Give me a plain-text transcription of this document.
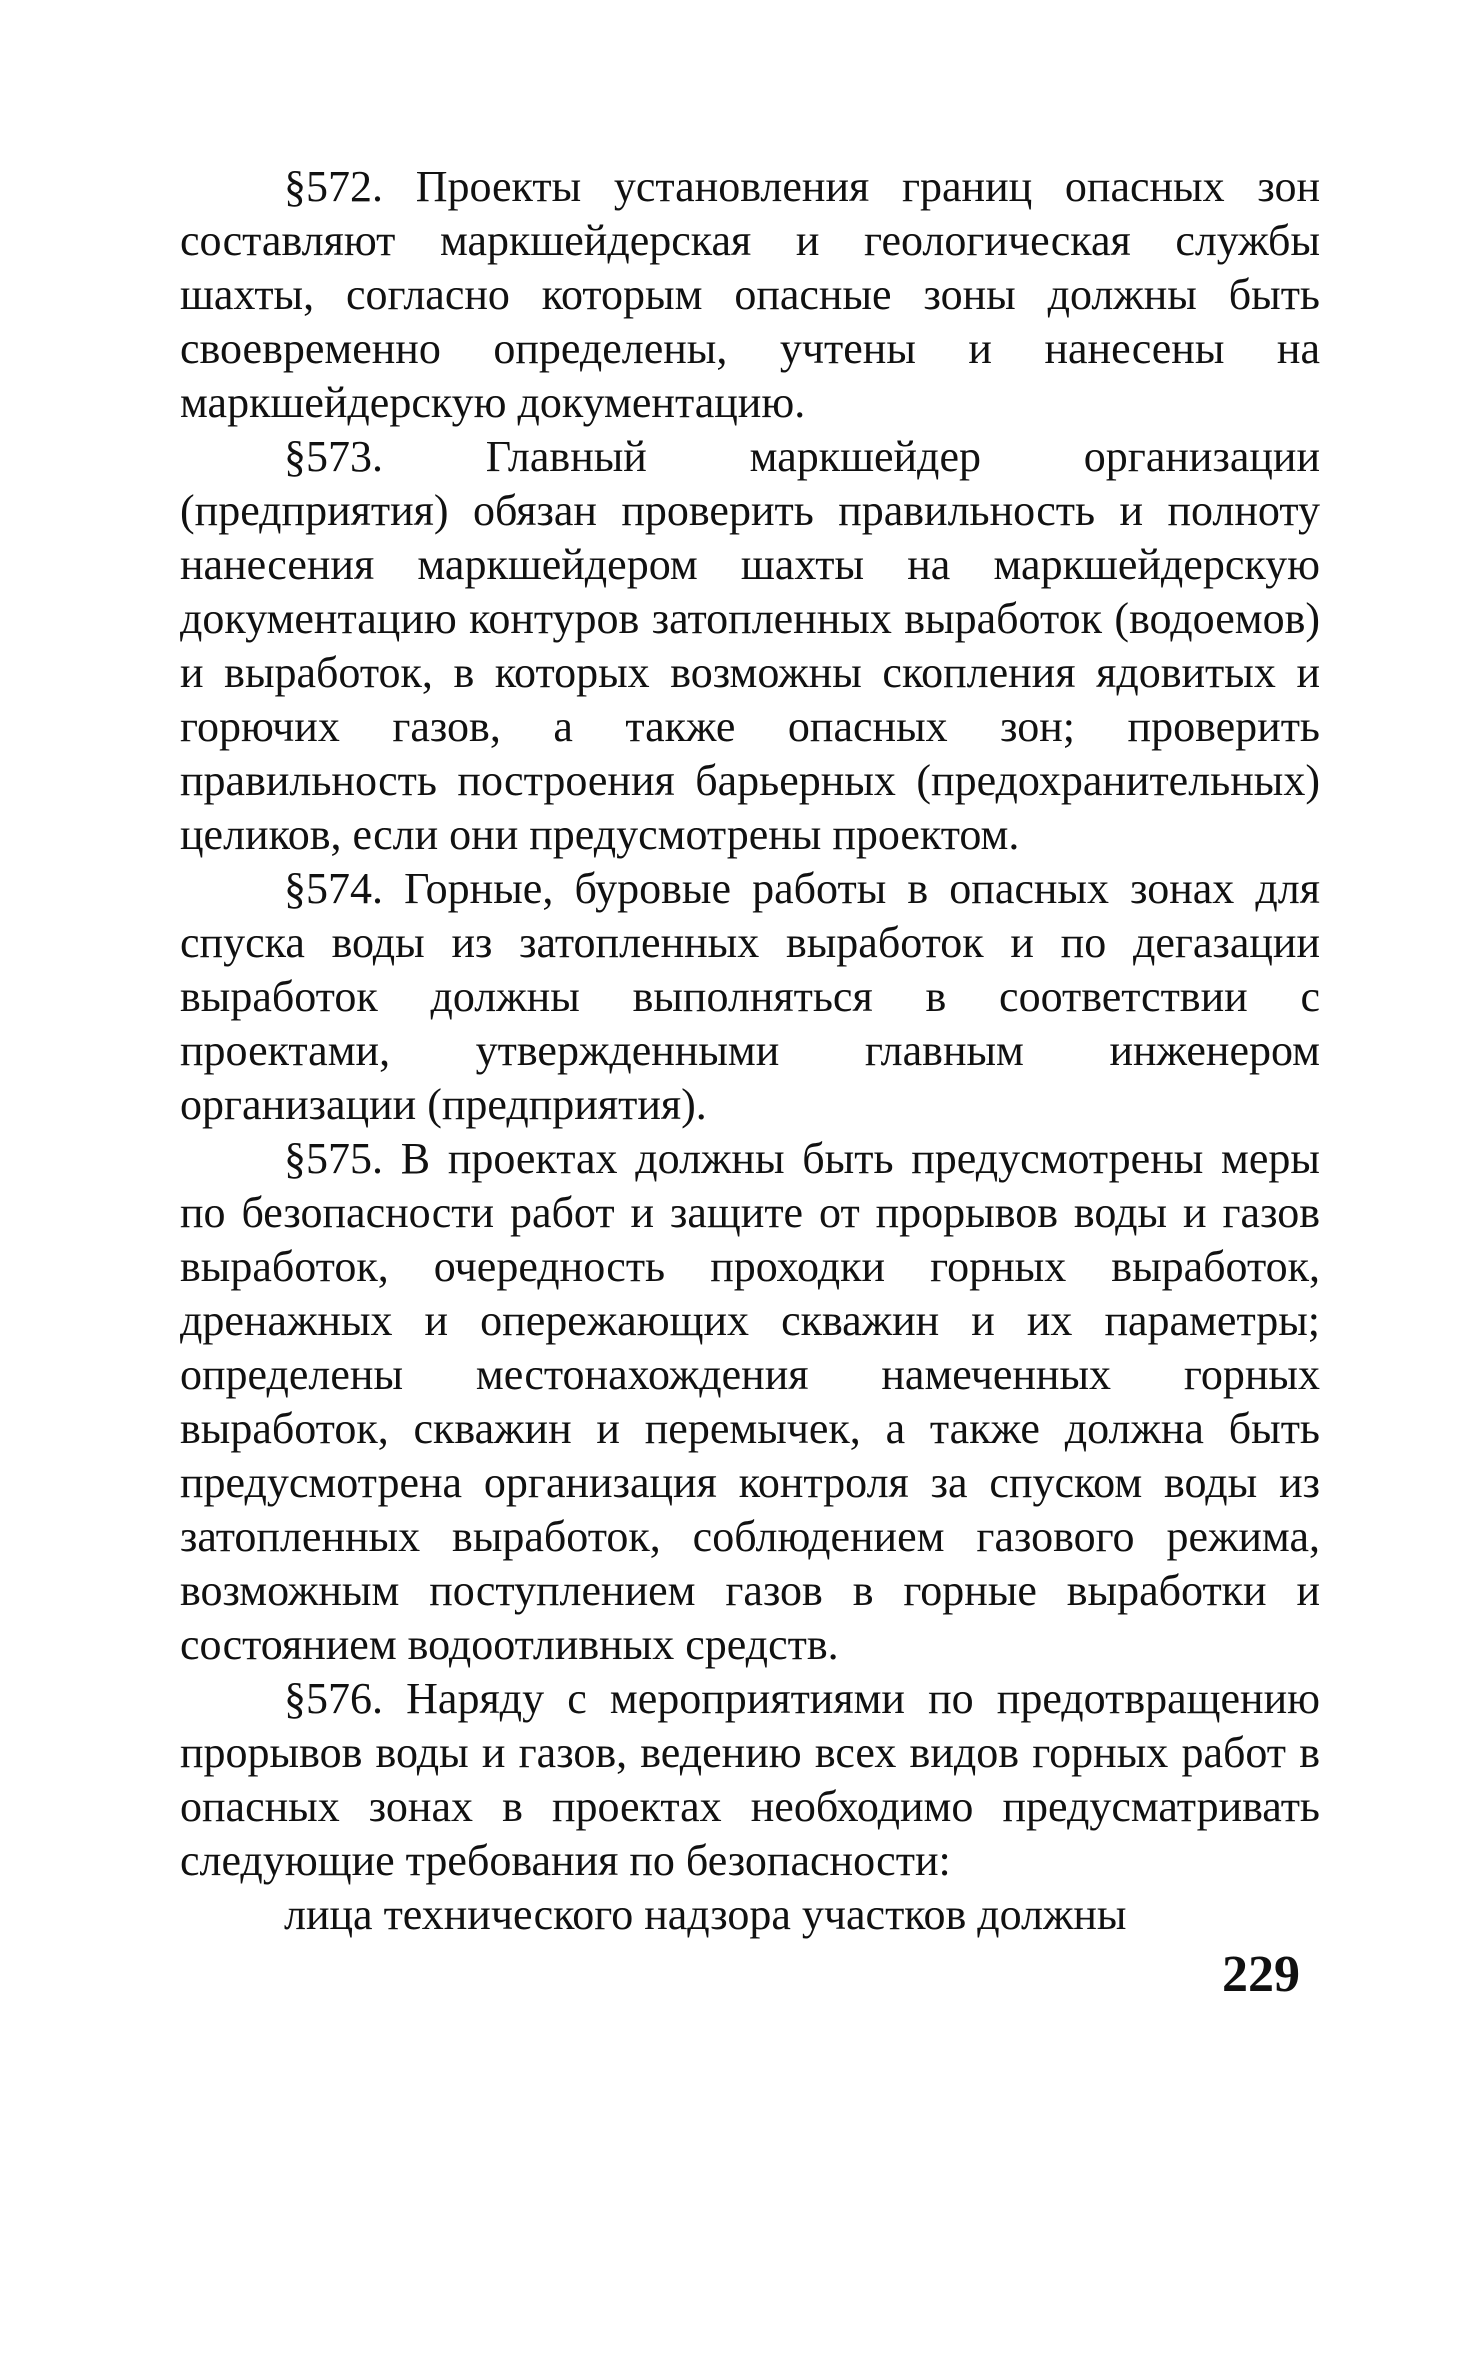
§572. Проекты установления границ опасных зон составляют маркшейдерская и геологическая службы шахты, согласно которым опасные зоны должны быть своевременно определены, учтены и нанесены на маркшейдерскую документацию.

§573. Главный маркшейдер организации (предприятия) обязан проверить правильность и полноту нанесения маркшейдером шахты на маркшейдерскую документацию контуров затопленных выработок (водоемов) и выработок, в которых возможны скопления ядовитых и горючих газов, а также опасных зон; проверить правильность построения барьерных (предохранительных) целиков, если они предусмотрены проектом.

§574. Горные, буровые работы в опасных зонах для спуска воды из затопленных выработок и по дегазации выработок должны выполняться в соответствии с проектами, утвержденными главным инженером организации (предприятия).

§575. В проектах должны быть предусмотрены меры по безопасности работ и защите от прорывов воды и газов выработок, очередность проходки горных выработок, дренажных и опережающих скважин и их параметры; определены местонахождения намеченных горных выработок, скважин и перемычек, а также должна быть предусмотрена организация контроля за спуском воды из затопленных выработок, соблюдением газового режима, возможным поступлением газов в горные выработки и состоянием водоотливных средств.

§576. Наряду с мероприятиями по предотвращению прорывов воды и газов, ведению всех видов горных работ в опасных зонах в проектах необходимо предусматривать следующие требования по безопасности:

лица технического надзора участков должны

229
